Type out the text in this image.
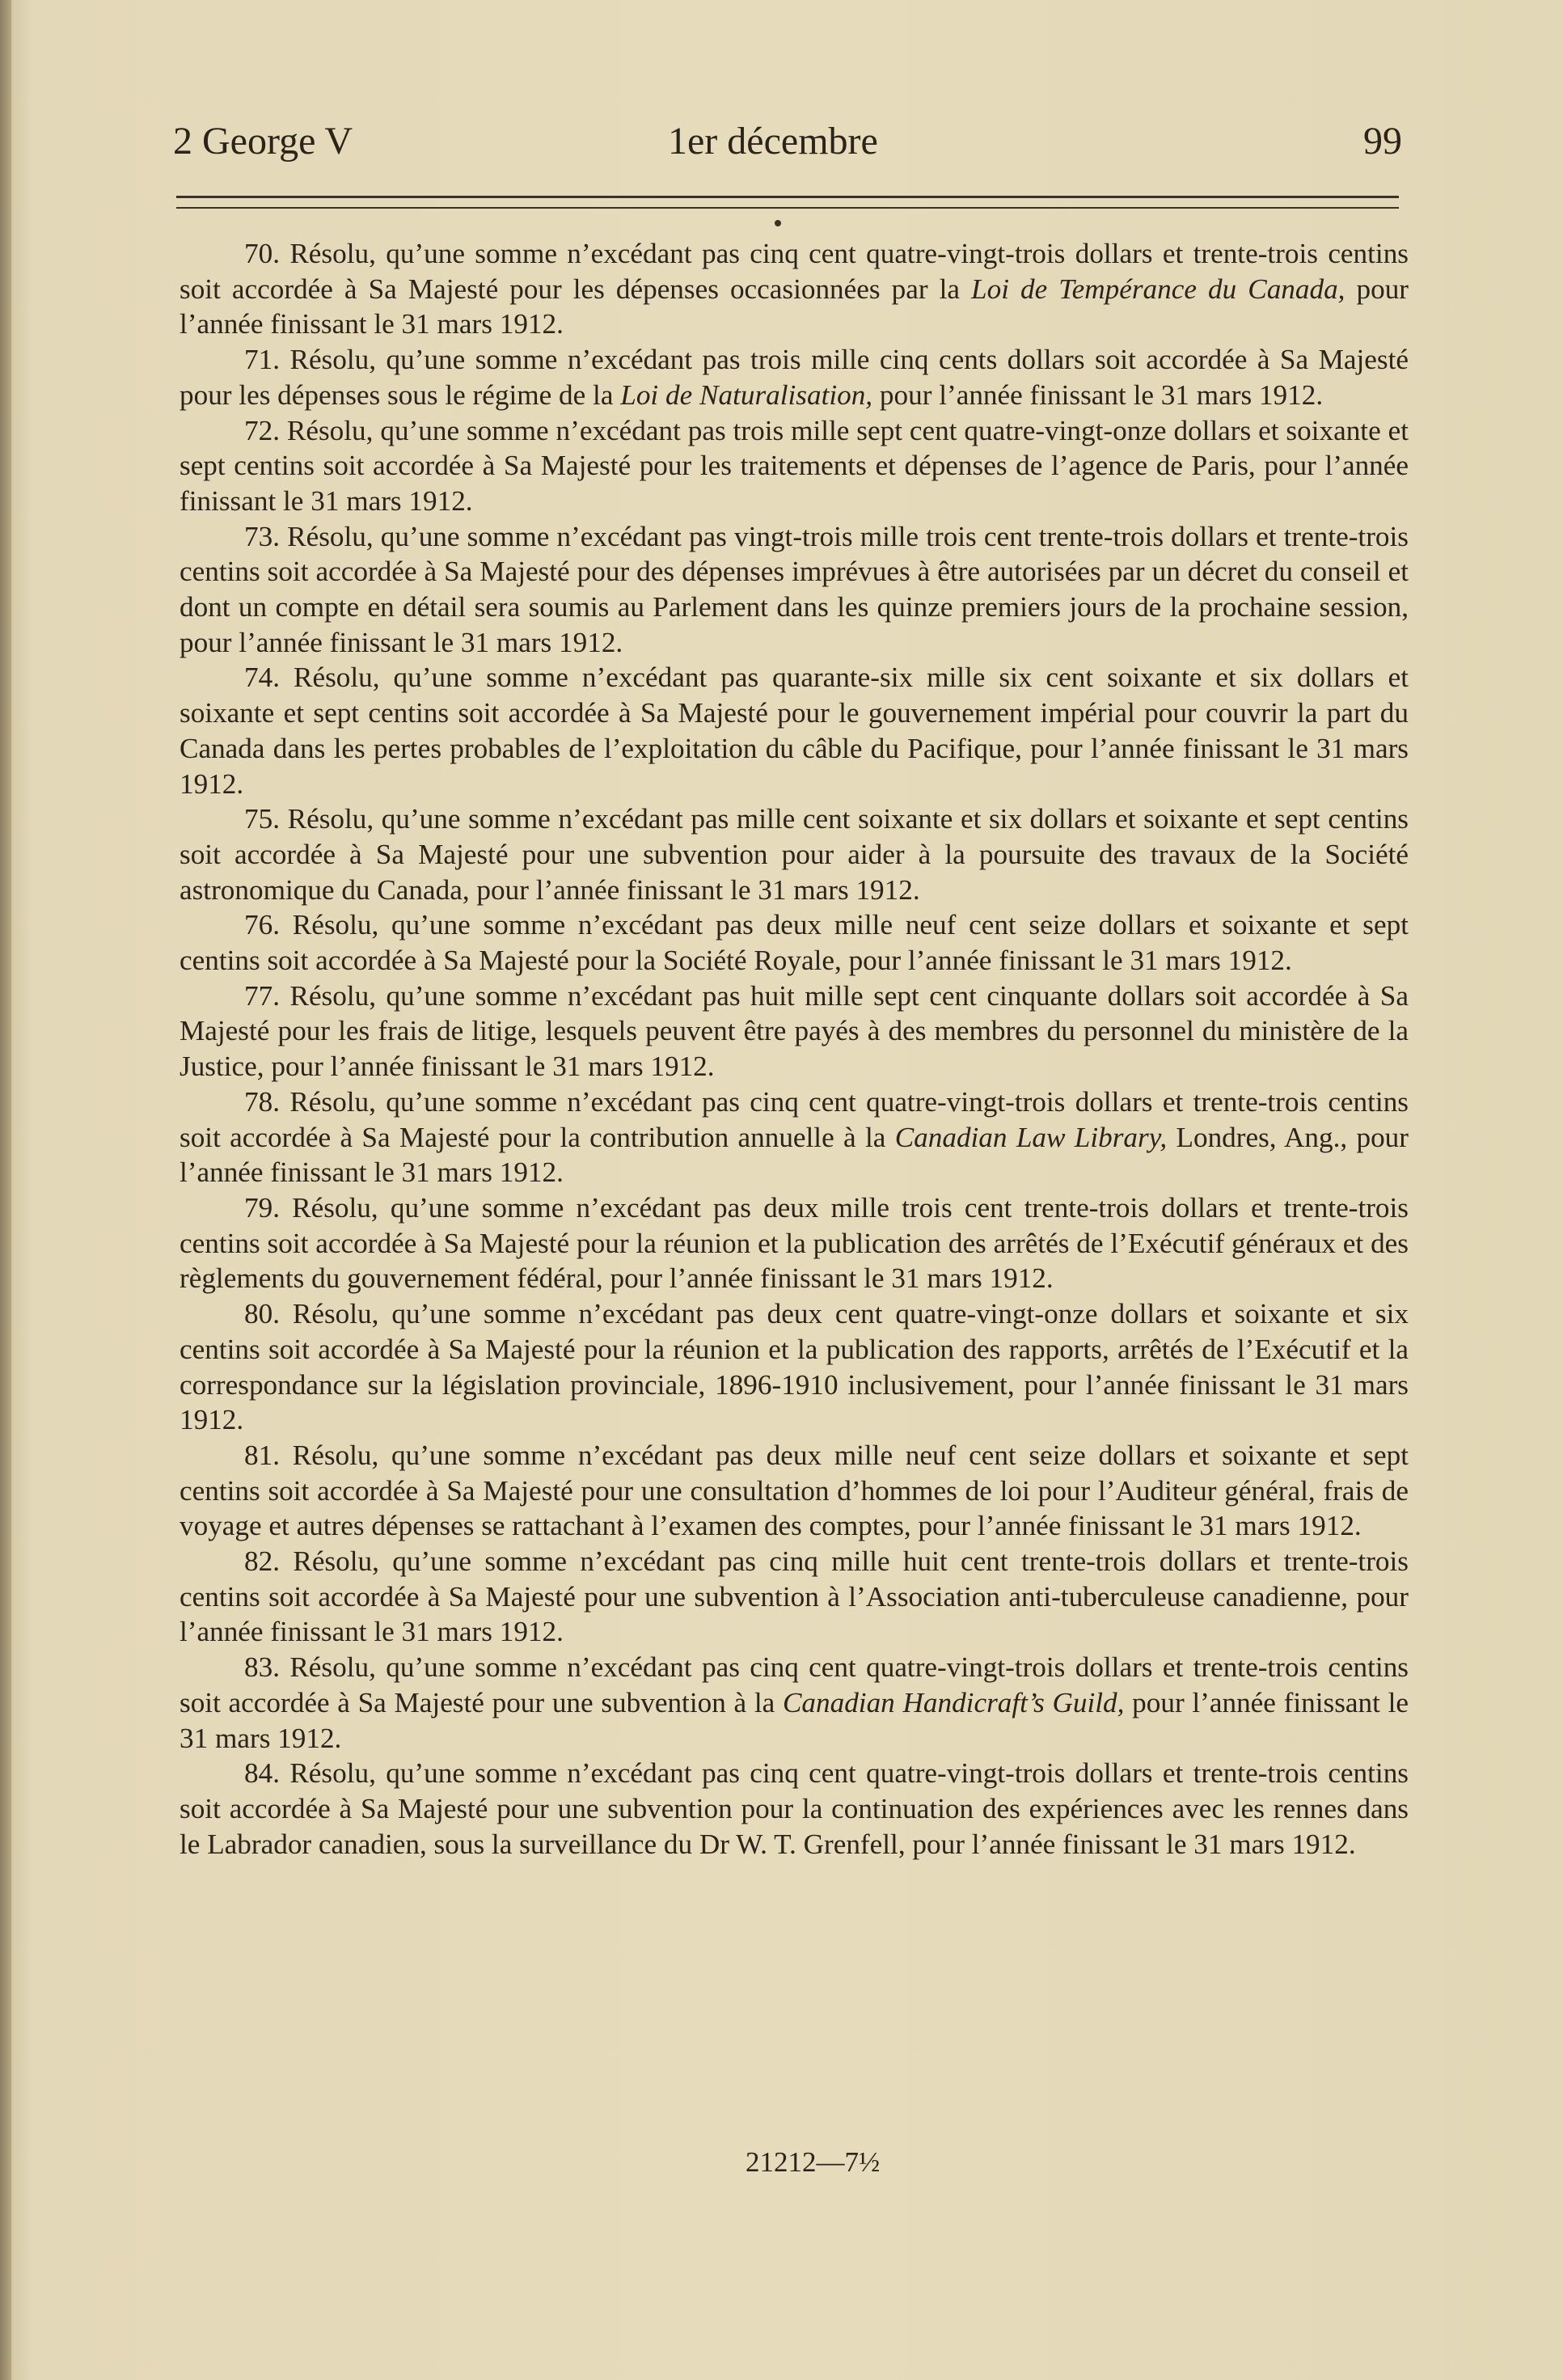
2 George V	1er décembre	99

70. Résolu, qu’une somme n’excédant pas cinq cent quatre-vingt-trois dollars et trente-trois centins soit accordée à Sa Majesté pour les dépenses occasionnées par la Loi de Tempérance du Canada, pour l’année finissant le 31 mars 1912.

71. Résolu, qu’une somme n’excédant pas trois mille cinq cents dollars soit accordée à Sa Majesté pour les dépenses sous le régime de la Loi de Naturalisation, pour l’année finissant le 31 mars 1912.

72. Résolu, qu’une somme n’excédant pas trois mille sept cent quatre-vingt-onze dollars et soixante et sept centins soit accordée à Sa Majesté pour les traitements et dépenses de l’agence de Paris, pour l’année finissant le 31 mars 1912.

73. Résolu, qu’une somme n’excédant pas vingt-trois mille trois cent trente-trois dollars et trente-trois centins soit accordée à Sa Majesté pour des dépenses imprévues à être autorisées par un décret du conseil et dont un compte en détail sera soumis au Parlement dans les quinze premiers jours de la prochaine session, pour l’année finissant le 31 mars 1912.

74. Résolu, qu’une somme n’excédant pas quarante-six mille six cent soixante et six dollars et soixante et sept centins soit accordée à Sa Majesté pour le gouvernement impérial pour couvrir la part du Canada dans les pertes probables de l’exploitation du câble du Pacifique, pour l’année finissant le 31 mars 1912.

75. Résolu, qu’une somme n’excédant pas mille cent soixante et six dollars et soixante et sept centins soit accordée à Sa Majesté pour une subvention pour aider à la poursuite des travaux de la Société astronomique du Canada, pour l’année finissant le 31 mars 1912.

76. Résolu, qu’une somme n’excédant pas deux mille neuf cent seize dollars et soixante et sept centins soit accordée à Sa Majesté pour la Société Royale, pour l’année finissant le 31 mars 1912.

77. Résolu, qu’une somme n’excédant pas huit mille sept cent cinquante dollars soit accordée à Sa Majesté pour les frais de litige, lesquels peuvent être payés à des membres du personnel du ministère de la Justice, pour l’année finissant le 31 mars 1912.

78. Résolu, qu’une somme n’excédant pas cinq cent quatre-vingt-trois dollars et trente-trois centins soit accordée à Sa Majesté pour la contribution annuelle à la Canadian Law Library, Londres, Ang., pour l’année finissant le 31 mars 1912.

79. Résolu, qu’une somme n’excédant pas deux mille trois cent trente-trois dollars et trente-trois centins soit accordée à Sa Majesté pour la réunion et la publication des arrêtés de l’Exécutif généraux et des règlements du gouvernement fédéral, pour l’année finissant le 31 mars 1912.

80. Résolu, qu’une somme n’excédant pas deux cent quatre-vingt-onze dollars et soixante et six centins soit accordée à Sa Majesté pour la réunion et la publication des rapports, arrêtés de l’Exécutif et la correspondance sur la législation provinciale, 1896-1910 inclusivement, pour l’année finissant le 31 mars 1912.

81. Résolu, qu’une somme n’excédant pas deux mille neuf cent seize dollars et soixante et sept centins soit accordée à Sa Majesté pour une consultation d’hommes de loi pour l’Auditeur général, frais de voyage et autres dépenses se rattachant à l’examen des comptes, pour l’année finissant le 31 mars 1912.

82. Résolu, qu’une somme n’excédant pas cinq mille huit cent trente-trois dollars et trente-trois centins soit accordée à Sa Majesté pour une subvention à l’Association anti-tuberculeuse canadienne, pour l’année finissant le 31 mars 1912.

83. Résolu, qu’une somme n’excédant pas cinq cent quatre-vingt-trois dollars et trente-trois centins soit accordée à Sa Majesté pour une subvention à la Canadian Handicraft’s Guild, pour l’année finissant le 31 mars 1912.

84. Résolu, qu’une somme n’excédant pas cinq cent quatre-vingt-trois dollars et trente-trois centins soit accordée à Sa Majesté pour une subvention pour la continuation des expériences avec les rennes dans le Labrador canadien, sous la surveillance du Dr W. T. Grenfell, pour l’année finissant le 31 mars 1912.

21212—7½
